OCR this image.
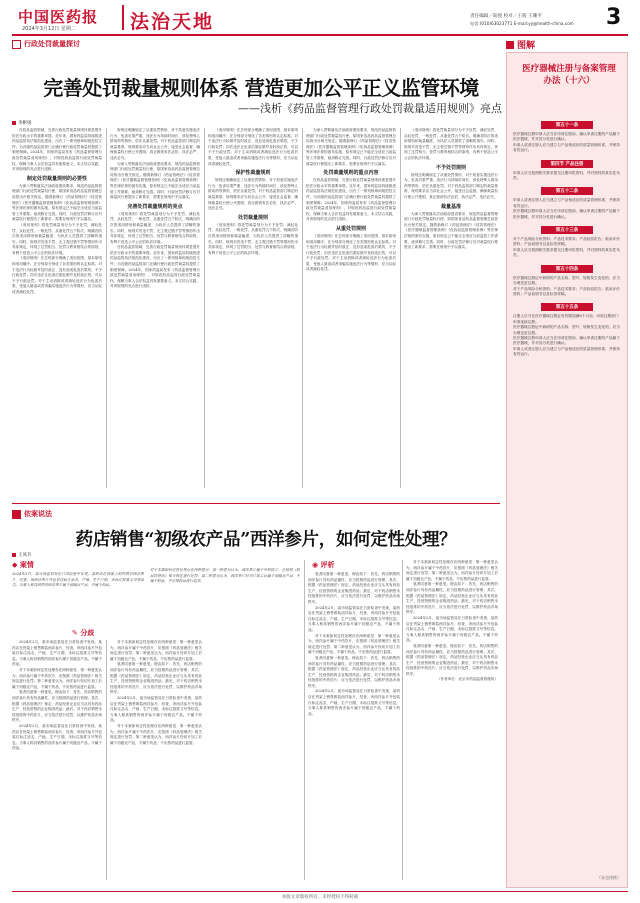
中国医药报
2024年3月12日 星期二	法治天地	责任编辑／陆悦 校对／王萌 王珊平
电话:(010)63023771 E-mail:yy@health-china.com 3
行政处罚裁量探讨
完善处罚裁量规则体系 营造更加公平正义监管环境
——浅析《药品监督管理行政处罚裁量适用规则》亮点
李彬扬

在药品监管领域，完善行政处罚裁量规则体系是提升依法行政水平的重要举措。近年来，国家药监局持续推进药品监管执法规范化建设，出台了一系列规章和规范性文件，为各级药品监管部门正确行使行政处罚裁量权提供了制度保障。2024年，国家药监局发布《药品监督管理行政处罚裁量适用规则》，对规范药品监管行政处罚裁量权、保障当事人合法权益具有重要意义。本文结合实践，对该规则的亮点进行浅析。

制定处罚裁量规则的必要性

为深入贯彻落实法治政府建设要求，规范药品监督管理部门行政处罚裁量权行使，原国家食品药品监督管理总局曾出台相关规定。随着新修订《药品管理法》《疫苗管理法》《医疗器械监督管理条例》《化妆品监督管理条例》等法律法规的颁布实施，原有规定已不能完全适应当前监管工作需要，亟须修订完善。同时，行政处罚法修订后对裁量权行使提出了新要求，需要在规则中予以落实。

《适用规则》将处罚裁量划分为不予处罚、减轻处罚、从轻处罚、一般处罚、从重处罚五个阶次，明确各阶次的适用情形和裁量幅度，为执法人员提供了清晰的指引。同时，规则对首违不罚、无主观过错不罚等情形作出具体规定，体现了过罚相当、处罚与教育相结合的原则，有利于营造公平公正的执法环境。

《适用规则》在总则部分明确了适用范围、基本原则和适用顺序，在分则部分细化了各类情形的认定标准。对于违法行为轻微并及时改正、没有造成危害后果的，不予行政处罚；初次违法且危害后果轻微并及时改正的，可以不予行政处罚。对于主动消除或者减轻违法行为危害后果、受他人胁迫或者诱骗实施违法行为等情形，应当从轻或者减轻处罚。

规则还明确规定了从重处罚情形，对于故意实施违法行为、危害后果严重、违法行为持续时间长、涉及特殊人群用药等情形，依法从重处罚。对于药品监管部门制定的裁量基准，规则要求应当向社会公开，接受社会监督，确保裁量权行使公开透明，真正做到有法必依、执法必严、违法必究。

为深入贯彻落实法治政府建设要求，规范药品监督管理部门行政处罚裁量权行使，原国家食品药品监督管理总局曾出台相关规定。随着新修订《药品管理法》《疫苗管理法》《医疗器械监督管理条例》《化妆品监督管理条例》等法律法规的颁布实施，原有规定已不能完全适应当前监管工作需要，亟须修订完善。同时，行政处罚法修订后对裁量权行使提出了新要求，需要在规则中予以落实。

完善处罚裁量规则的亮点

《适用规则》将处罚裁量划分为不予处罚、减轻处罚、从轻处罚、一般处罚、从重处罚五个阶次，明确各阶次的适用情形和裁量幅度，为执法人员提供了清晰的指引。同时，规则对首违不罚、无主观过错不罚等情形作出具体规定，体现了过罚相当、处罚与教育相结合的原则，有利于营造公平公正的执法环境。

在药品监管领域，完善行政处罚裁量规则体系是提升依法行政水平的重要举措。近年来，国家药监局持续推进药品监管执法规范化建设，出台了一系列规章和规范性文件，为各级药品监管部门正确行使行政处罚裁量权提供了制度保障。2024年，国家药监局发布《药品监督管理行政处罚裁量适用规则》，对规范药品监管行政处罚裁量权、保障当事人合法权益具有重要意义。本文结合实践，对该规则的亮点进行浅析。

《适用规则》在总则部分明确了适用范围、基本原则和适用顺序，在分则部分细化了各类情形的认定标准。对于违法行为轻微并及时改正、没有造成危害后果的，不予行政处罚；初次违法且危害后果轻微并及时改正的，可以不予行政处罚。对于主动消除或者减轻违法行为危害后果、受他人胁迫或者诱骗实施违法行为等情形，应当从轻或者减轻处罚。

保护性裁量规则

规则还明确规定了从重处罚情形，对于故意实施违法行为、危害后果严重、违法行为持续时间长、涉及特殊人群用药等情形，依法从重处罚。对于药品监管部门制定的裁量基准，规则要求应当向社会公开，接受社会监督，确保裁量权行使公开透明，真正做到有法必依、执法必严、违法必究。

处罚裁量规则

《适用规则》将处罚裁量划分为不予处罚、减轻处罚、从轻处罚、一般处罚、从重处罚五个阶次，明确各阶次的适用情形和裁量幅度，为执法人员提供了清晰的指引。同时，规则对首违不罚、无主观过错不罚等情形作出具体规定，体现了过罚相当、处罚与教育相结合的原则，有利于营造公平公正的执法环境。

为深入贯彻落实法治政府建设要求，规范药品监督管理部门行政处罚裁量权行使，原国家食品药品监督管理总局曾出台相关规定。随着新修订《药品管理法》《疫苗管理法》《医疗器械监督管理条例》《化妆品监督管理条例》等法律法规的颁布实施，原有规定已不能完全适应当前监管工作需要，亟须修订完善。同时，行政处罚法修订后对裁量权行使提出了新要求，需要在规则中予以落实。

处罚裁量规则的重点内容

在药品监管领域，完善行政处罚裁量规则体系是提升依法行政水平的重要举措。近年来，国家药监局持续推进药品监管执法规范化建设，出台了一系列规章和规范性文件，为各级药品监管部门正确行使行政处罚裁量权提供了制度保障。2024年，国家药监局发布《药品监督管理行政处罚裁量适用规则》，对规范药品监管行政处罚裁量权、保障当事人合法权益具有重要意义。本文结合实践，对该规则的亮点进行浅析。

从重处罚规则

《适用规则》在总则部分明确了适用范围、基本原则和适用顺序，在分则部分细化了各类情形的认定标准。对于违法行为轻微并及时改正、没有造成危害后果的，不予行政处罚；初次违法且危害后果轻微并及时改正的，可以不予行政处罚。对于主动消除或者减轻违法行为危害后果、受他人胁迫或者诱骗实施违法行为等情形，应当从轻或者减轻处罚。

《适用规则》将处罚裁量划分为不予处罚、减轻处罚、从轻处罚、一般处罚、从重处罚五个阶次，明确各阶次的适用情形和裁量幅度，为执法人员提供了清晰的指引。同时，规则对首违不罚、无主观过错不罚等情形作出具体规定，体现了过罚相当、处罚与教育相结合的原则，有利于营造公平公正的执法环境。

不予处罚规则

规则还明确规定了从重处罚情形，对于故意实施违法行为、危害后果严重、违法行为持续时间长、涉及特殊人群用药等情形，依法从重处罚。对于药品监管部门制定的裁量基准，规则要求应当向社会公开，接受社会监督，确保裁量权行使公开透明，真正做到有法必依、执法必严、违法必究。

裁量基准

为深入贯彻落实法治政府建设要求，规范药品监督管理部门行政处罚裁量权行使，原国家食品药品监督管理总局曾出台相关规定。随着新修订《药品管理法》《疫苗管理法》《医疗器械监督管理条例》《化妆品监督管理条例》等法律法规的颁布实施，原有规定已不能完全适应当前监管工作需要，亟须修订完善。同时，行政处罚法修订后对裁量权行使提出了新要求，需要在规则中予以落实。

依案说法
药店销售“初级农产品”西洋参片，如何定性处理？
王凤升
◆ 案情
2024年2月，某市场监管局在日常检查中发现，某药店在货架上销售散装西洋参片，经查，该西洋参片外包装仅标注品名、产地、生产日期，未标注批准文号等信息。当事人称其销售的西洋参片属于初级农产品，不属于药品。
对于本案如何定性处理存在两种意见：第一种意见认为，西洋参片属于中药饮片，应按照《药品管理法》相关规定进行处罚；第二种意见认为，西洋参片经切片加工后属于初级农产品，不属于药品，不应按药品进行监管。
✎ 分歧

2024年2月，某市场监管局在日常检查中发现，某药店在货架上销售散装西洋参片，经查，该西洋参片外包装仅标注品名、产地、生产日期，未标注批准文号等信息。当事人称其销售的西洋参片属于初级农产品，不属于药品。

对于本案如何定性处理存在两种意见：第一种意见认为，西洋参片属于中药饮片，应按照《药品管理法》相关规定进行处罚；第二种意见认为，西洋参片经切片加工后属于初级农产品，不属于药品，不应按药品进行监管。

笔者同意第一种意见。理由如下：首先，药店销售的西洋参片具有药品属性，应当按照药品进行管理；其次，根据《药品管理法》规定，药品经营企业应当从具有药品生产、经营资格的企业购进药品；最后，对于药店销售未经批准的中药饮片，应当依法进行处罚，以维护药品市场秩序。

2024年2月，某市场监管局在日常检查中发现，某药店在货架上销售散装西洋参片，经查，该西洋参片外包装仅标注品名、产地、生产日期，未标注批准文号等信息。当事人称其销售的西洋参片属于初级农产品，不属于药品。

对于本案如何定性处理存在两种意见：第一种意见认为，西洋参片属于中药饮片，应按照《药品管理法》相关规定进行处罚；第二种意见认为，西洋参片经切片加工后属于初级农产品，不属于药品，不应按药品进行监管。

笔者同意第一种意见。理由如下：首先，药店销售的西洋参片具有药品属性，应当按照药品进行管理；其次，根据《药品管理法》规定，药品经营企业应当从具有药品生产、经营资格的企业购进药品；最后，对于药店销售未经批准的中药饮片，应当依法进行处罚，以维护药品市场秩序。

2024年2月，某市场监管局在日常检查中发现，某药店在货架上销售散装西洋参片，经查，该西洋参片外包装仅标注品名、产地、生产日期，未标注批准文号等信息。当事人称其销售的西洋参片属于初级农产品，不属于药品。

对于本案如何定性处理存在两种意见：第一种意见认为，西洋参片属于中药饮片，应按照《药品管理法》相关规定进行处罚；第二种意见认为，西洋参片经切片加工后属于初级农产品，不属于药品，不应按药品进行监管。

◉ 评析

笔者同意第一种意见。理由如下：首先，药店销售的西洋参片具有药品属性，应当按照药品进行管理；其次，根据《药品管理法》规定，药品经营企业应当从具有药品生产、经营资格的企业购进药品；最后，对于药店销售未经批准的中药饮片，应当依法进行处罚，以维护药品市场秩序。

2024年2月，某市场监管局在日常检查中发现，某药店在货架上销售散装西洋参片，经查，该西洋参片外包装仅标注品名、产地、生产日期，未标注批准文号等信息。当事人称其销售的西洋参片属于初级农产品，不属于药品。

对于本案如何定性处理存在两种意见：第一种意见认为，西洋参片属于中药饮片，应按照《药品管理法》相关规定进行处罚；第二种意见认为，西洋参片经切片加工后属于初级农产品，不属于药品，不应按药品进行监管。

笔者同意第一种意见。理由如下：首先，药店销售的西洋参片具有药品属性，应当按照药品进行管理；其次，根据《药品管理法》规定，药品经营企业应当从具有药品生产、经营资格的企业购进药品；最后，对于药店销售未经批准的中药饮片，应当依法进行处罚，以维护药品市场秩序。

2024年2月，某市场监管局在日常检查中发现，某药店在货架上销售散装西洋参片，经查，该西洋参片外包装仅标注品名、产地、生产日期，未标注批准文号等信息。当事人称其销售的西洋参片属于初级农产品，不属于药品。

对于本案如何定性处理存在两种意见：第一种意见认为，西洋参片属于中药饮片，应按照《药品管理法》相关规定进行处罚；第二种意见认为，西洋参片经切片加工后属于初级农产品，不属于药品，不应按药品进行监管。

笔者同意第一种意见。理由如下：首先，药店销售的西洋参片具有药品属性，应当按照药品进行管理；其次，根据《药品管理法》规定，药品经营企业应当从具有药品生产、经营资格的企业购进药品；最后，对于药店销售未经批准的中药饮片，应当依法进行处罚，以维护药品市场秩序。

2024年2月，某市场监管局在日常检查中发现，某药店在货架上销售散装西洋参片，经查，该西洋参片外包装仅标注品名、产地、生产日期，未标注批准文号等信息。当事人称其销售的西洋参片属于初级农产品，不属于药品。

笔者同意第一种意见。理由如下：首先，药店销售的西洋参片具有药品属性，应当按照药品进行管理；其次，根据《药品管理法》规定，药品经营企业应当从具有药品生产、经营资格的企业购进药品；最后，对于药店销售未经批准的中药饮片，应当依法进行处罚，以维护药品市场秩序。

（作者单位：北京市药品监督管理局）

图解
医疗器械注册与备案管理办法（十六）
第五十一条
医疗器械注册申请人应当在申请注册前，确认申请注册的产品属于医疗器械，并对其分类进行确认。
申请人或者注册人应当建立与产品相适应的质量管理体系，并保持有效运行。
第四节 产品注册
申请人应当按照相关要求提交注册申报资料，并对资料的真实性负责。
第五十二条
申请人或者注册人应当建立与产品相适应的质量管理体系，并保持有效运行。
医疗器械注册申请人应当在申请注册前，确认申请注册的产品属于医疗器械，并对其分类进行确认。
第五十三条
对于产品风险分析资料；产品技术要求；产品检验报告；临床评价资料；产品说明书以及标签样稿。
申请人应当按照相关要求提交注册申报资料，并对资料的真实性负责。
第五十四条
医疗器械注册证中载明的产品名称、型号、规格发生变化的，应当办理变更注册。
对于产品风险分析资料；产品技术要求；产品检验报告；临床评价资料；产品说明书以及标签样稿。
第五十五条
注册人应当在医疗器械注册证有效期届满6个月前，向原注册部门申请延续注册。
医疗器械注册证中载明的产品名称、型号、规格发生变化的，应当办理变更注册。
医疗器械注册申请人应当在申请注册前，确认申请注册的产品属于医疗器械，并对其分类进行确认。
申请人或者注册人应当建立与产品相适应的质量管理体系，并保持有效运行。
（未完待续）
本版文章版权所有，未经授权不得转载
